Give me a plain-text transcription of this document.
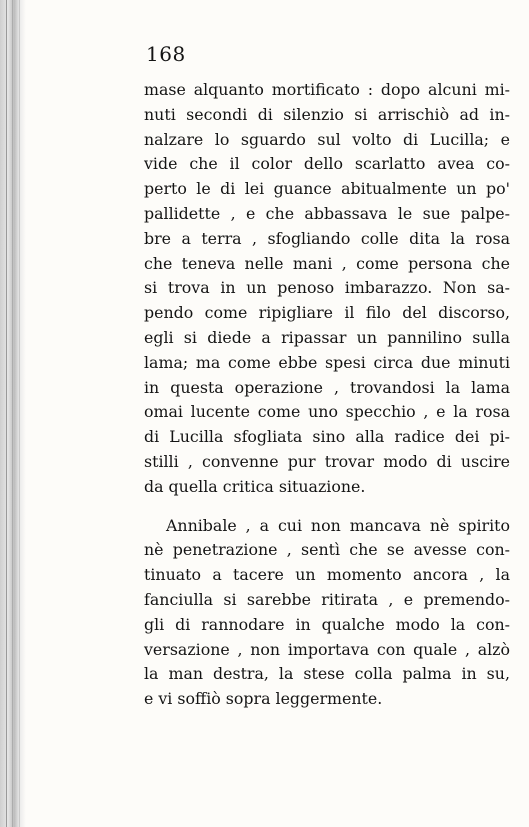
168
mase alquanto mortificato : dopo alcuni mi-
nuti secondi di silenzio si arrischiò ad in-
nalzare lo sguardo sul volto di Lucilla; e
vide che il color dello scarlatto avea co-
perto le di lei guance abitualmente un po'
pallidette , e che abbassava le sue palpe-
bre a terra , sfogliando colle dita la rosa
che teneva nelle mani , come persona che
si trova in un penoso imbarazzo. Non sa-
pendo come ripigliare il filo del discorso,
egli si diede a ripassar un pannilino sulla
lama; ma come ebbe spesi circa due minuti
in questa operazione , trovandosi la lama
omai lucente come uno specchio , e la rosa
di Lucilla sfogliata sino alla radice dei pi-
stilli , convenne pur trovar modo di uscire
da quella critica situazione.
Annibale , a cui non mancava nè spirito
nè penetrazione , sentì che se avesse con-
tinuato a tacere un momento ancora , la
fanciulla si sarebbe ritirata , e premendo-
gli di rannodare in qualche modo la con-
versazione , non importava con quale , alzò
la man destra, la stese colla palma in su,
e vi soffiò sopra leggermente.
